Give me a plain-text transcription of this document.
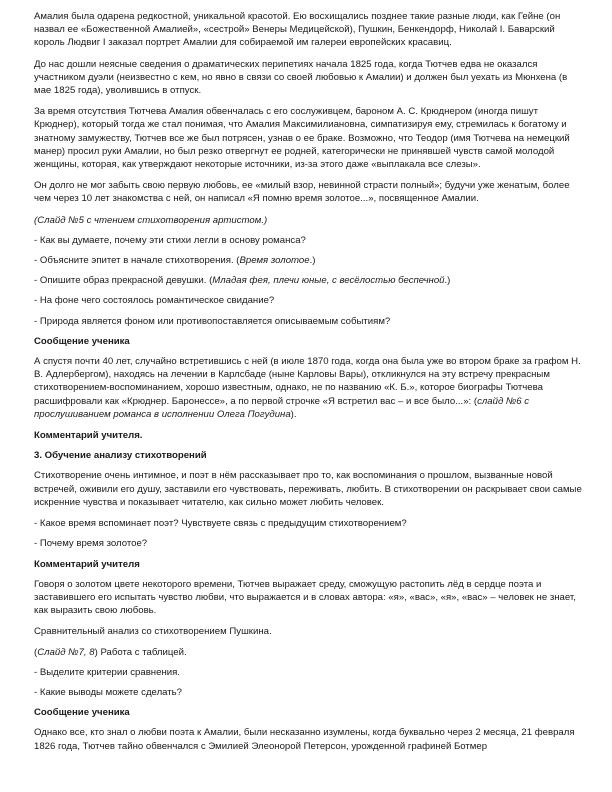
Амалия была одарена редкостной, уникальной красотой. Ею восхищались позднее такие разные люди, как Гейне (он назвал ее «Божественной Амалией», «сестрой» Венеры Медицейской), Пушкин, Бенкендорф, Николай I. Баварский король Людвиг I заказал портрет Амалии для собираемой им галереи европейских красавиц.

До нас дошли неясные сведения о драматических перипетиях начала 1825 года, когда Тютчев едва не оказался участником дуэли (неизвестно с кем, но явно в связи со своей любовью к Амалии) и должен был уехать из Мюнхена (в мае 1825 года), уволившись в отпуск.

За время отсутствия Тютчева Амалия обвенчалась с его сослуживцем, бароном А. С. Крюднером (иногда пишут Крюднер), который тогда же стал понимая, что Амалия Максимилиановна, симпатизируя ему, стремилась к богатому и знатному замужеству, Тютчев все же был потрясен, узнав о ее браке. Возможно, что Теодор (имя Тютчева на немецкий манер) просил руки Амалии, но был резко отвергнут ее родней, категорически не принявшей чувств самой молодой женщины, которая, как утверждают некоторые источники, из-за этого даже «выплакала все слезы».

Он долго не мог забыть свою первую любовь, ее «милый взор, невинной страсти полный»; будучи уже женатым, более чем через 10 лет знакомства с ней, он написал «Я помню время золотое...», посвященное Амалии.

(Слайд №5 с чтением стихотворения артистом.)

- Как вы думаете, почему эти стихи легли в основу романса?

- Объясните эпитет в начале стихотворения. (Время золотое.)

- Опишите образ прекрасной девушки. (Младая фея, плечи юные, с весёлостью беспечной.)

- На фоне чего состоялось романтическое свидание?

- Природа является фоном или противопоставляется описываемым событиям?

Сообщение ученика

А спустя почти 40 лет, случайно встретившись с ней (в июле 1870 года, когда она была уже во втором браке за графом Н. В. Адлербергом), находясь на лечении в Карлсбаде (ныне Карловы Вары), откликнулся на эту встречу прекрасным стихотворением-воспоминанием, хорошо известным, однако, не по названию «К. Б.», которое биографы Тютчева расшифровали как «Крюднер. Баронессе», а по первой строчке «Я встретил вас – и все было...»: (слайд №6 с прослушиванием романса в исполнении Олега Погудина).

Комментарий учителя.

3. Обучение анализу стихотворений

Стихотворение очень интимное, и поэт в нём рассказывает про то, как воспоминания о прошлом, вызванные новой встречей, оживили его душу, заставили его чувствовать, переживать, любить. В стихотворении он раскрывает свои самые искренние чувства и показывает читателю, как сильно может любить человек.

- Какое время вспоминает поэт? Чувствуете связь с предыдущим стихотворением?

- Почему время золотое?

Комментарий учителя

Говоря о золотом цвете некоторого времени, Тютчев выражает среду, сможущую растопить лёд в сердце поэта и заставившего его испытать чувство любви, что выражается и в словах автора: «я», «вас», «я», «вас» – человек не знает, как выразить свою любовь.

Сравнительный анализ со стихотворением Пушкина.

(Слайд №7, 8) Работа с таблицей.

- Выделите критерии сравнения.

- Какие выводы можете сделать?

Сообщение ученика

Однако все, кто знал о любви поэта к Амалии, были несказанно изумлены, когда буквально через 2 месяца, 21 февраля 1826 года, Тютчев тайно обвенчался с Эмилией Элеонорой Петерсон, урожденной графиней Ботмер
